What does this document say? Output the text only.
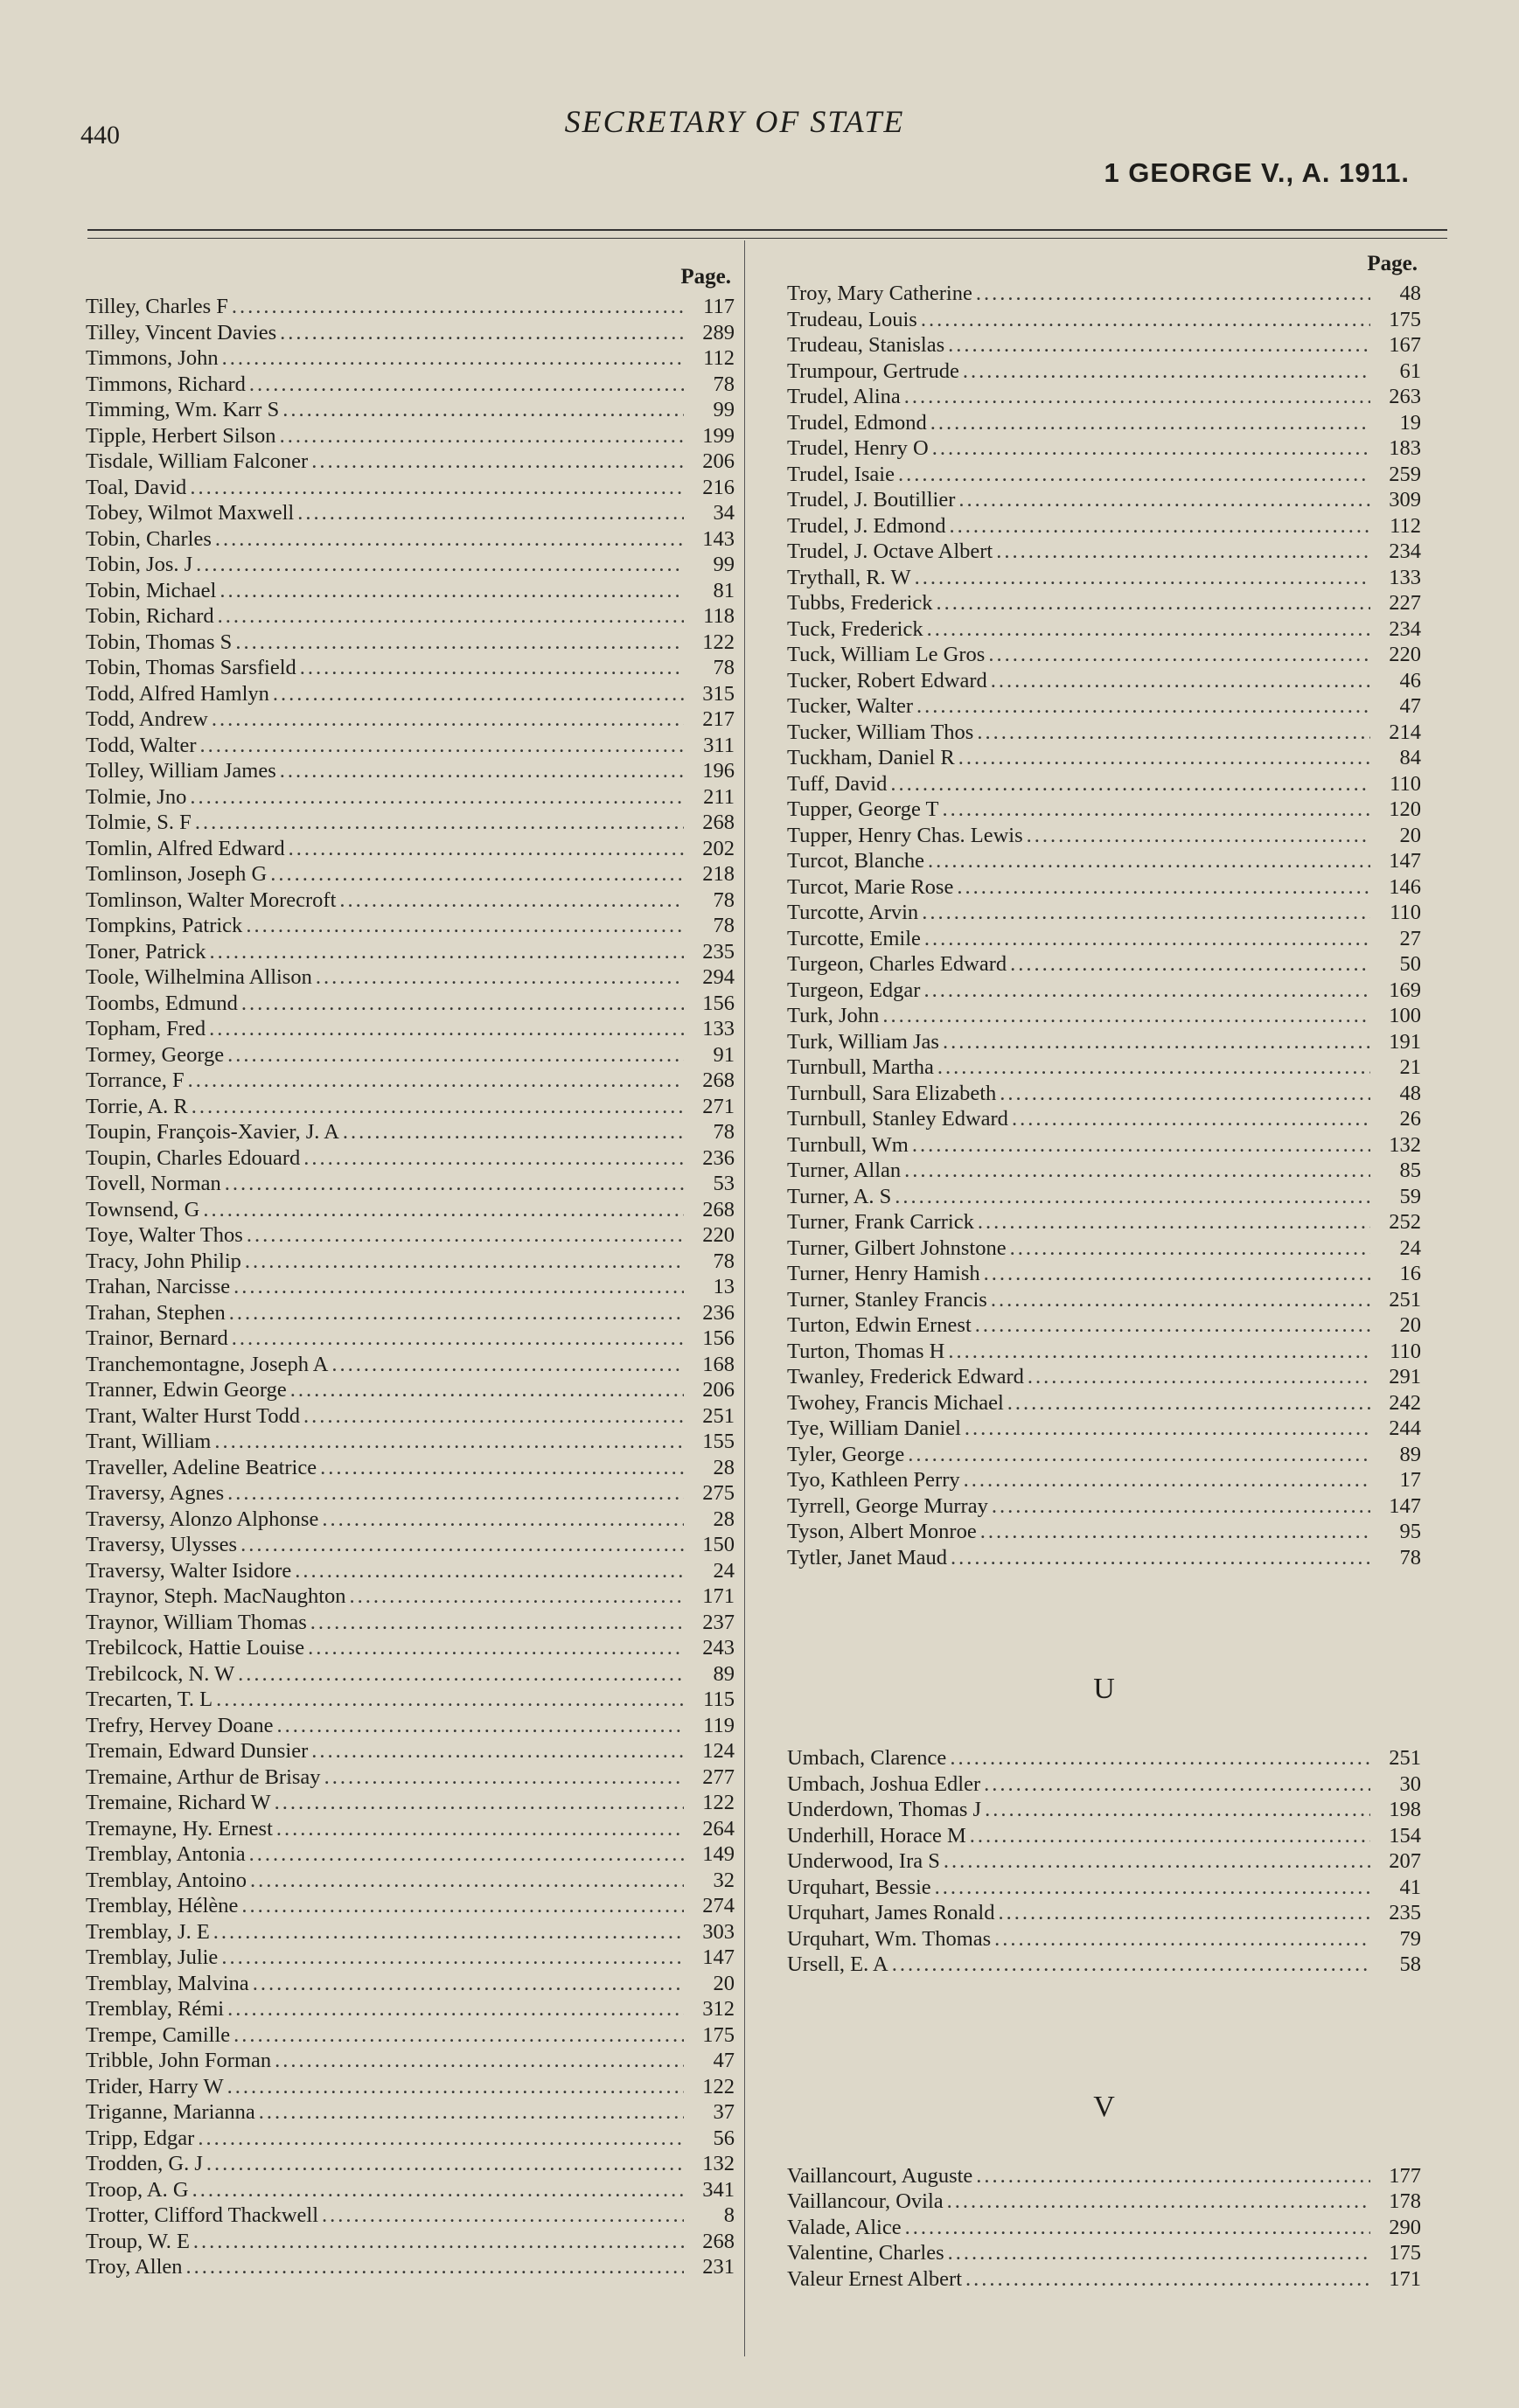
440	SECRETARY OF STATE
1 GEORGE V., A. 1911.
Page.
Tilley, Charles F .....	117
Tilley, Vincent Davies .....	289
Timmons, John .....	112
Timmons, Richard .....	78
Timming, Wm. Karr S .....	99
Tipple, Herbert Silson .....	199
Tisdale, William Falconer .....	206
Toal, David .....	216
Tobey, Wilmot Maxwell .....	34
Tobin, Charles .....	143
Tobin, Jos. J .....	99
Tobin, Michael .....	81
Tobin, Richard .....	118
Tobin, Thomas S .....	122
Tobin, Thomas Sarsfield .....	78
Todd, Alfred Hamlyn .....	315
Todd, Andrew .....	217
Todd, Walter .....	311
Tolley, William James .....	196
Tolmie, Jno .....	211
Tolmie, S. F .....	268
Tomlin, Alfred Edward .....	202
Tomlinson, Joseph G .....	218
Tomlinson, Walter Morecroft .....	78
Tompkins, Patrick .....	78
Toner, Patrick .....	235
Toole, Wilhelmina Allison .....	294
Toombs, Edmund .....	156
Topham, Fred .....	133
Tormey, George .....	91
Torrance, F .....	268
Torrie, A. R .....	271
Toupin, François-Xavier, J. A .....	78
Toupin, Charles Edouard .....	236
Tovell, Norman .....	53
Townsend, G .....	268
Toye, Walter Thos .....	220
Tracy, John Philip .....	78
Trahan, Narcisse .....	13
Trahan, Stephen .....	236
Trainor, Bernard .....	156
Tranchemontagne, Joseph A .....	168
Tranner, Edwin George .....	206
Trant, Walter Hurst Todd .....	251
Trant, William .....	155
Traveller, Adeline Beatrice .....	28
Traversy, Agnes .....	275
Traversy, Alonzo Alphonse .....	28
Traversy, Ulysses .....	150
Traversy, Walter Isidore .....	24
Traynor, Steph. MacNaughton .....	171
Traynor, William Thomas .....	237
Trebilcock, Hattie Louise .....	243
Trebilcock, N. W .....	89
Trecarten, T. L .....	115
Trefry, Hervey Doane .....	119
Tremain, Edward Dunsier .....	124
Tremaine, Arthur de Brisay .....	277
Tremaine, Richard W .....	122
Tremayne, Hy. Ernest .....	264
Tremblay, Antonia .....	149
Tremblay, Antoino .....	32
Tremblay, Hélène .....	274
Tremblay, J. E .....	303
Tremblay, Julie .....	147
Tremblay, Malvina .....	20
Tremblay, Rémi .....	312
Trempe, Camille .....	175
Tribble, John Forman .....	47
Trider, Harry W .....	122
Triganne, Marianna .....	37
Tripp, Edgar .....	56
Trodden, G. J .....	132
Troop, A. G .....	341
Trotter, Clifford Thackwell .....	8
Troup, W. E .....	268
Troy, Allen .....	231
Page.
Troy, Mary Catherine .....	48
Trudeau, Louis .....	175
Trudeau, Stanislas .....	167
Trumpour, Gertrude .....	61
Trudel, Alina .....	263
Trudel, Edmond .....	19
Trudel, Henry O .....	183
Trudel, Isaie .....	259
Trudel, J. Boutillier .....	309
Trudel, J. Edmond .....	112
Trudel, J. Octave Albert .....	234
Trythall, R. W .....	133
Tubbs, Frederick .....	227
Tuck, Frederick .....	234
Tuck, William Le Gros .....	220
Tucker, Robert Edward .....	46
Tucker, Walter .....	47
Tucker, William Thos .....	214
Tuckham, Daniel R .....	84
Tuff, David .....	110
Tupper, George T .....	120
Tupper, Henry Chas. Lewis .....	20
Turcot, Blanche .....	147
Turcot, Marie Rose .....	146
Turcotte, Arvin .....	110
Turcotte, Emile .....	27
Turgeon, Charles Edward .....	50
Turgeon, Edgar .....	169
Turk, John .....	100
Turk, William Jas .....	191
Turnbull, Martha .....	21
Turnbull, Sara Elizabeth .....	48
Turnbull, Stanley Edward .....	26
Turnbull, Wm .....	132
Turner, Allan .....	85
Turner, A. S .....	59
Turner, Frank Carrick .....	252
Turner, Gilbert Johnstone .....	24
Turner, Henry Hamish .....	16
Turner, Stanley Francis .....	251
Turton, Edwin Ernest .....	20
Turton, Thomas H .....	110
Twanley, Frederick Edward .....	291
Twohey, Francis Michael .....	242
Tye, William Daniel .....	244
Tyler, George .....	89
Tyo, Kathleen Perry .....	17
Tyrrell, George Murray .....	147
Tyson, Albert Monroe .....	95
Tytler, Janet Maud .....	78
U
Umbach, Clarence .....	251
Umbach, Joshua Edler .....	30
Underdown, Thomas J .....	198
Underhill, Horace M .....	154
Underwood, Ira S .....	207
Urquhart, Bessie .....	41
Urquhart, James Ronald .....	235
Urquhart, Wm. Thomas .....	79
Ursell, E. A .....	58
V
Vaillancourt, Auguste .....	177
Vaillancour, Ovila .....	178
Valade, Alice .....	290
Valentine, Charles .....	175
Valeur Ernest Albert .....	171
